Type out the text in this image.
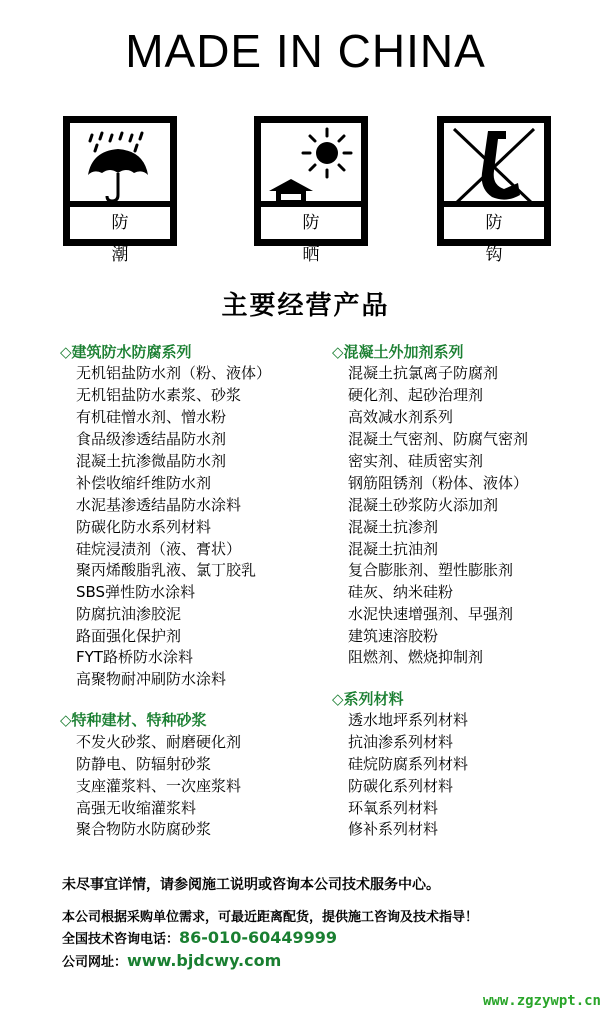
MADE IN CHINA
防 潮
防 晒
防 钩
主要经营产品
◇建筑防水防腐系列
无机铝盐防水剂（粉、液体）
无机铝盐防水素浆、砂浆
有机硅憎水剂、憎水粉
食品级渗透结晶防水剂
混凝土抗渗微晶防水剂
补偿收缩纤维防水剂
水泥基渗透结晶防水涂料
防碳化防水系列材料
硅烷浸渍剂（液、膏状）
聚丙烯酸脂乳液、氯丁胶乳
SBS弹性防水涂料
防腐抗油渗胶泥
路面强化保护剂
FYT路桥防水涂料
高聚物耐冲刷防水涂料
◇特种建材、特种砂浆
不发火砂浆、耐磨硬化剂
防静电、防辐射砂浆
支座灌浆料、一次座浆料
高强无收缩灌浆料
聚合物防水防腐砂浆
◇混凝土外加剂系列
混凝土抗氯离子防腐剂
硬化剂、起砂治理剂
高效减水剂系列
混凝土气密剂、防腐气密剂
密实剂、硅质密实剂
钢筋阻锈剂（粉体、液体）
混凝土砂浆防火添加剂
混凝土抗渗剂
混凝土抗油剂
复合膨胀剂、塑性膨胀剂
硅灰、纳米硅粉
水泥快速增强剂、早强剂
建筑速溶胶粉
阻燃剂、燃烧抑制剂
◇系列材料
透水地坪系列材料
抗油渗系列材料
硅烷防腐系列材料
防碳化系列材料
环氧系列材料
修补系列材料
未尽事宜详情，请参阅施工说明或咨询本公司技术服务中心。
本公司根据采购单位需求，可最近距离配货，提供施工咨询及技术指导！
全国技术咨询电话：86-010-60449999
公司网址：www.bjdcwy.com
www.zgzywpt.cn
